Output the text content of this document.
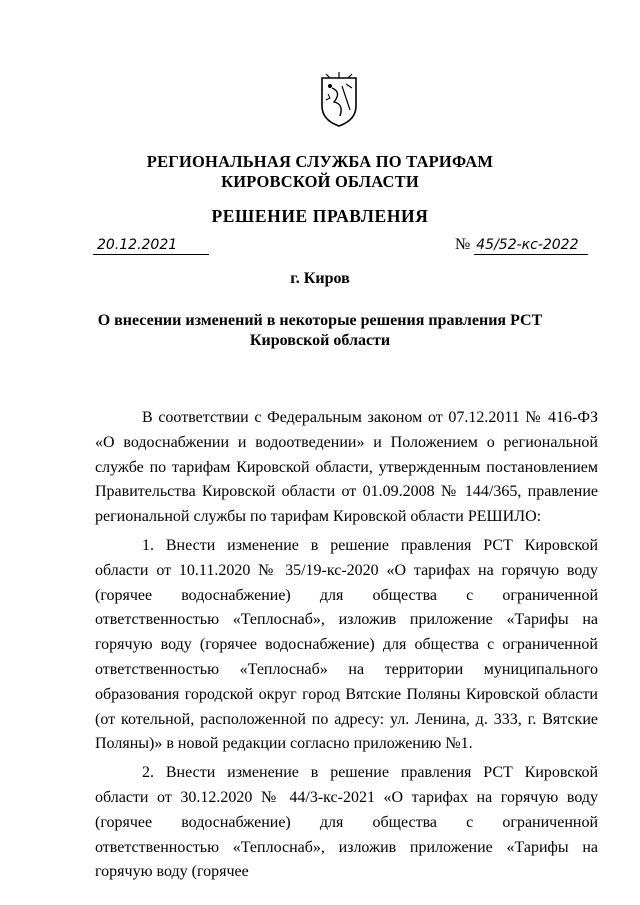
РЕГИОНАЛЬНАЯ СЛУЖБА ПО ТАРИФАМ
КИРОВСКОЙ ОБЛАСТИ
РЕШЕНИЕ ПРАВЛЕНИЯ
20.12.2021	№ 45/52-кс-2022
г. Киров
О внесении изменений в некоторые решения правления РСТ
Кировской области

В соответствии с Федеральным законом от 07.12.2011 № 416-ФЗ «О водоснабжении и водоотведении» и Положением о региональной службе по тарифам Кировской области, утвержденным постановлением Правительства Кировской области от 01.09.2008 № 144/365, правление региональной службы по тарифам Кировской области РЕШИЛО:

1. Внести изменение в решение правления РСТ Кировской области от 10.11.2020 № 35/19-кс-2020 «О тарифах на горячую воду (горячее водоснабжение) для общества с ограниченной ответственностью «Теплоснаб», изложив приложение «Тарифы на горячую воду (горячее водоснабжение) для общества с ограниченной ответственностью «Теплоснаб» на территории муниципального образования городской округ город Вятские Поляны Кировской области (от котельной, расположенной по адресу: ул. Ленина, д. 333, г. Вятские Поляны)» в новой редакции согласно приложению №1.

2. Внести изменение в решение правления РСТ Кировской области от 30.12.2020 № 44/3-кс-2021 «О тарифах на горячую воду (горячее водоснабжение) для общества с ограниченной ответственностью «Теплоснаб», изложив приложение «Тарифы на горячую воду (горячее
